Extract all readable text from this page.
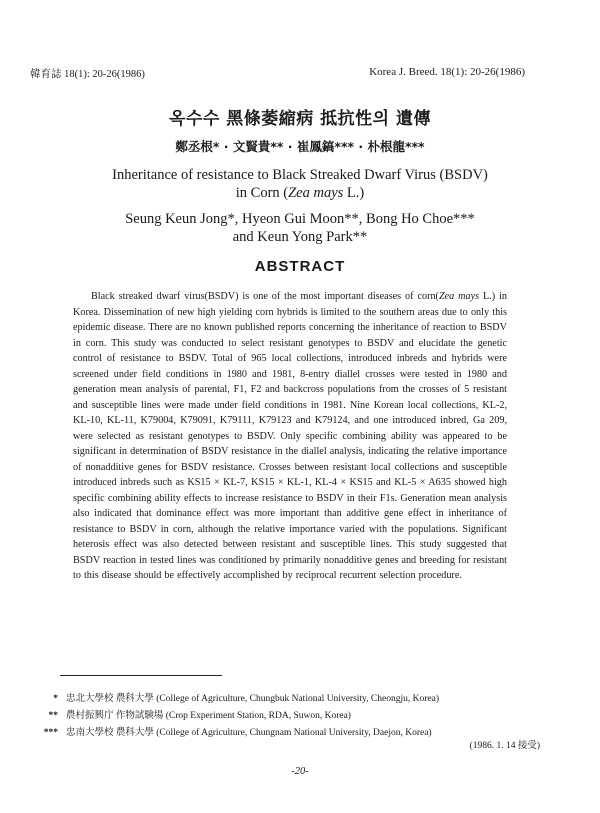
韓育誌 18(1): 20-26(1986)	Korea J. Breed. 18(1): 20-26(1986)
옥수수 黑條萎縮病 抵抗性의 遺傳
鄭丞根* · 文賢貴** · 崔鳳鎬*** · 朴根龍***
Inheritance of resistance to Black Streaked Dwarf Virus (BSDV)
in Corn (Zea mays L.)
Seung Keun Jong*, Hyeon Gui Moon**, Bong Ho Choe***
and Keun Yong Park**
ABSTRACT

Black streaked dwarf virus(BSDV) is one of the most important diseases of corn(Zea mays L.) in Korea. Dissemination of new high yielding corn hybrids is limited to the southern areas due to only this epidemic disease. There are no known published reports concerning the inheritance of reaction to BSDV in corn. This study was conducted to select resistant genotypes to BSDV and elucidate the genetic control of resistance to BSDV. Total of 965 local collections, introduced inbreds and hybrids were screened under field conditions in 1980 and 1981, 8-entry diallel crosses were tested in 1980 and generation mean analysis of parental, F1, F2 and backcross populations from the crosses of 5 resistant and susceptible lines were made under field conditions in 1981. Nine Korean local collections, KL-2, KL-10, KL-11, K79004, K79091, K79111, K79123 and K79124, and one introduced inbred, Ga 209, were selected as resistant genotypes to BSDV. Only specific combining ability was appeared to be significant in determination of BSDV resistance in the diallel analysis, indicating the relative importance of nonadditive genes for BSDV resistance. Crosses between resistant local collections and susceptible introduced inbreds such as KS15 × KL-7, KS15 × KL-1, KL-4 × KS15 and KL-5 × A635 showed high specific combining ability effects to increase resistance to BSDV in their F1s. Generation mean analysis also indicated that dominance effect was more important than additive gene effect in inheritance of resistance to BSDV in corn, although the relative importance varied with the populations. Significant heterosis effect was also detected between resistant and susceptible lines. This study suggested that BSDV reaction in tested lines was conditioned by primarily nonadditive genes and breeding for resistant to this disease should be effectively accomplished by reciprocal recurrent selection procedure.

* 忠北大學校 農科大學 (College of Agriculture, Chungbuk National University, Cheongju, Korea)
** 農村振興庁 作物試験場 (Crop Experiment Station, RDA, Suwon, Korea)
*** 忠南大學校 農科大學 (College of Agriculture, Chungnam National University, Daejon, Korea)
(1986. 1. 14 接受)
-20-
